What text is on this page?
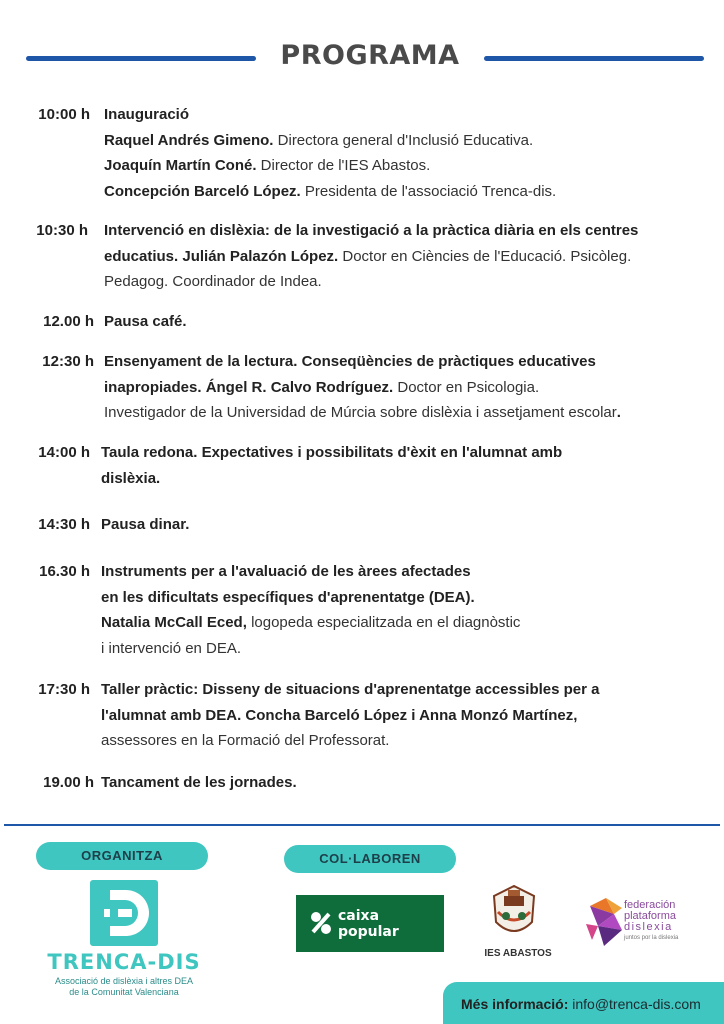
PROGRAMA
10:00 h Inauguració
Raquel Andrés Gimeno. Directora general d'Inclusió Educativa.
Joaquín Martín Coné. Director de l'IES Abastos.
Concepción Barceló López. Presidenta de l'associació Trenca-dis.
10:30 h Intervenció en dislèxia: de la investigació a la pràctica diària en els centres
educatius. Julián Palazón López. Doctor en Ciències de l'Educació. Psicòleg.
Pedagog. Coordinador de Indea.
12.00 h Pausa café.
12:30 h Ensenyament de la lectura. Conseqüències de pràctiques educatives
inapropiades. Ángel R. Calvo Rodríguez. Doctor en Psicologia.
Investigador de la Universidad de Múrcia sobre dislèxia i assetjament escolar.
14:00 h Taula redona. Expectatives i possibilitats d'èxit en l'alumnat amb
dislèxia.
14:30 h Pausa dinar.
16.30 h Instruments per a l'avaluació de les àrees afectades
en les dificultats específiques d'aprenentatge (DEA).
Natalia McCall Eced, logopeda especialitzada en el diagnòstic
i intervenció en DEA.
17:30 h Taller pràctic: Disseny de situacions d'aprenentatge accessibles per a
l'alumnat amb DEA. Concha Barceló López i Anna Monzó Martínez,
assessores en la Formació del Professorat.
19.00 h Tancament de les jornades.
ORGANITZA	COL·LABOREN
TRENCA-DIS
Associació de dislèxia i altres DEA
de la Comunitat Valenciana
caixa
popular
IES ABASTOS
federación
plataforma
dislexia
juntos por la dislexia
Més informació: info@trenca-dis.com
